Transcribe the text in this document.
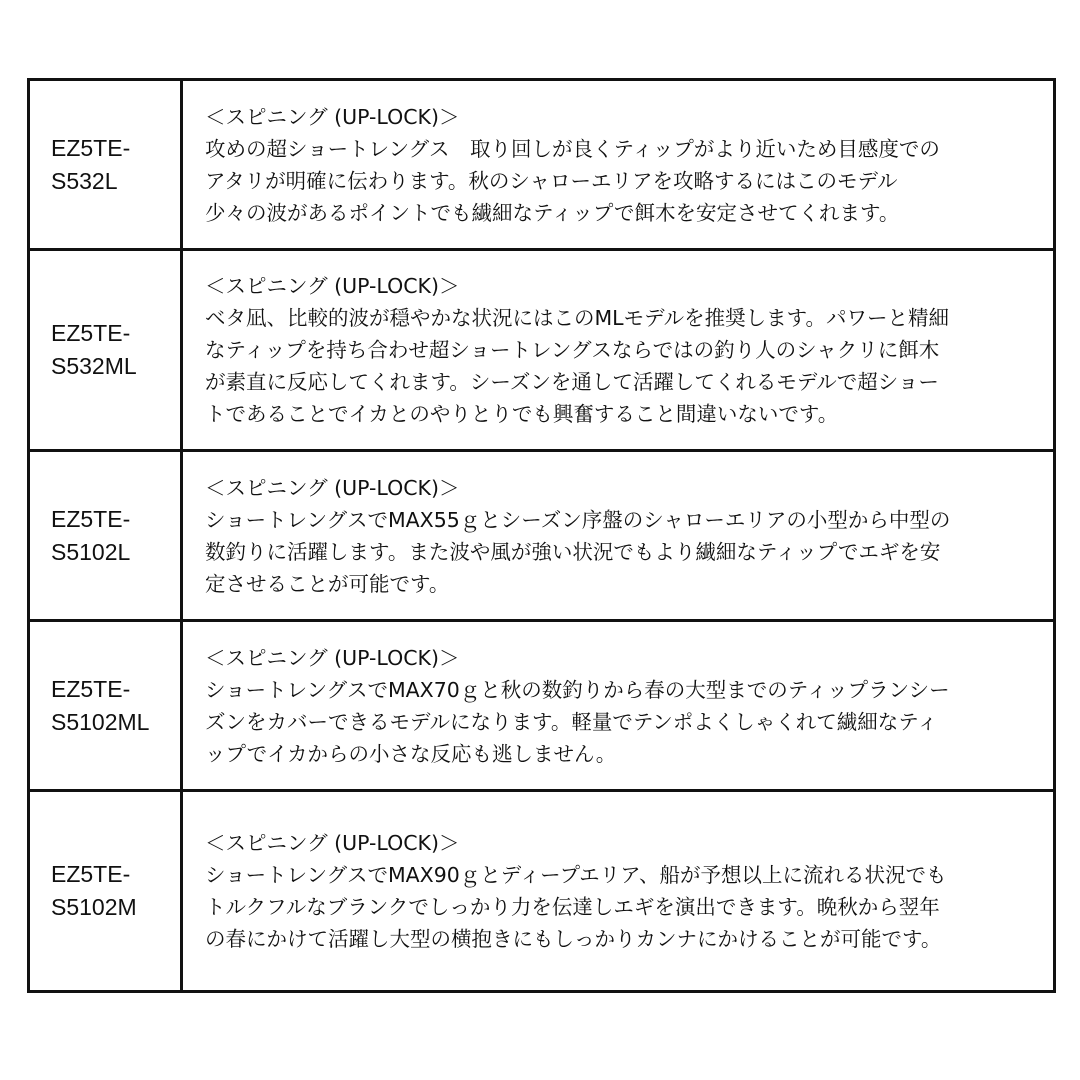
EZ5TE-
S532L	＜スピニング (UP-LOCK)＞
攻めの超ショートレングス　取り回しが良くティップがより近いため目感度での
アタリが明確に伝わります。秋のシャローエリアを攻略するにはこのモデル
少々の波があるポイントでも繊細なティップで餌木を安定させてくれます。

EZ5TE-
S532ML	＜スピニング (UP-LOCK)＞
ベタ凪、比較的波が穏やかな状況にはこのMLモデルを推奨します。パワーと精細
なティップを持ち合わせ超ショートレングスならではの釣り人のシャクリに餌木
が素直に反応してくれます。シーズンを通して活躍してくれるモデルで超ショー
トであることでイカとのやりとりでも興奮すること間違いないです。

EZ5TE-
S5102L	＜スピニング (UP-LOCK)＞
ショートレングスでMAX55ｇとシーズン序盤のシャローエリアの小型から中型の
数釣りに活躍します。また波や風が強い状況でもより繊細なティップでエギを安
定させることが可能です。

EZ5TE-
S5102ML	＜スピニング (UP-LOCK)＞
ショートレングスでMAX70ｇと秋の数釣りから春の大型までのティップランシー
ズンをカバーできるモデルになります。軽量でテンポよくしゃくれて繊細なティ
ップでイカからの小さな反応も逃しません。

EZ5TE-
S5102M	＜スピニング (UP-LOCK)＞
ショートレングスでMAX90ｇとディープエリア、船が予想以上に流れる状況でも
トルクフルなブランクでしっかり力を伝達しエギを演出できます。晩秋から翌年
の春にかけて活躍し大型の横抱きにもしっかりカンナにかけることが可能です。
